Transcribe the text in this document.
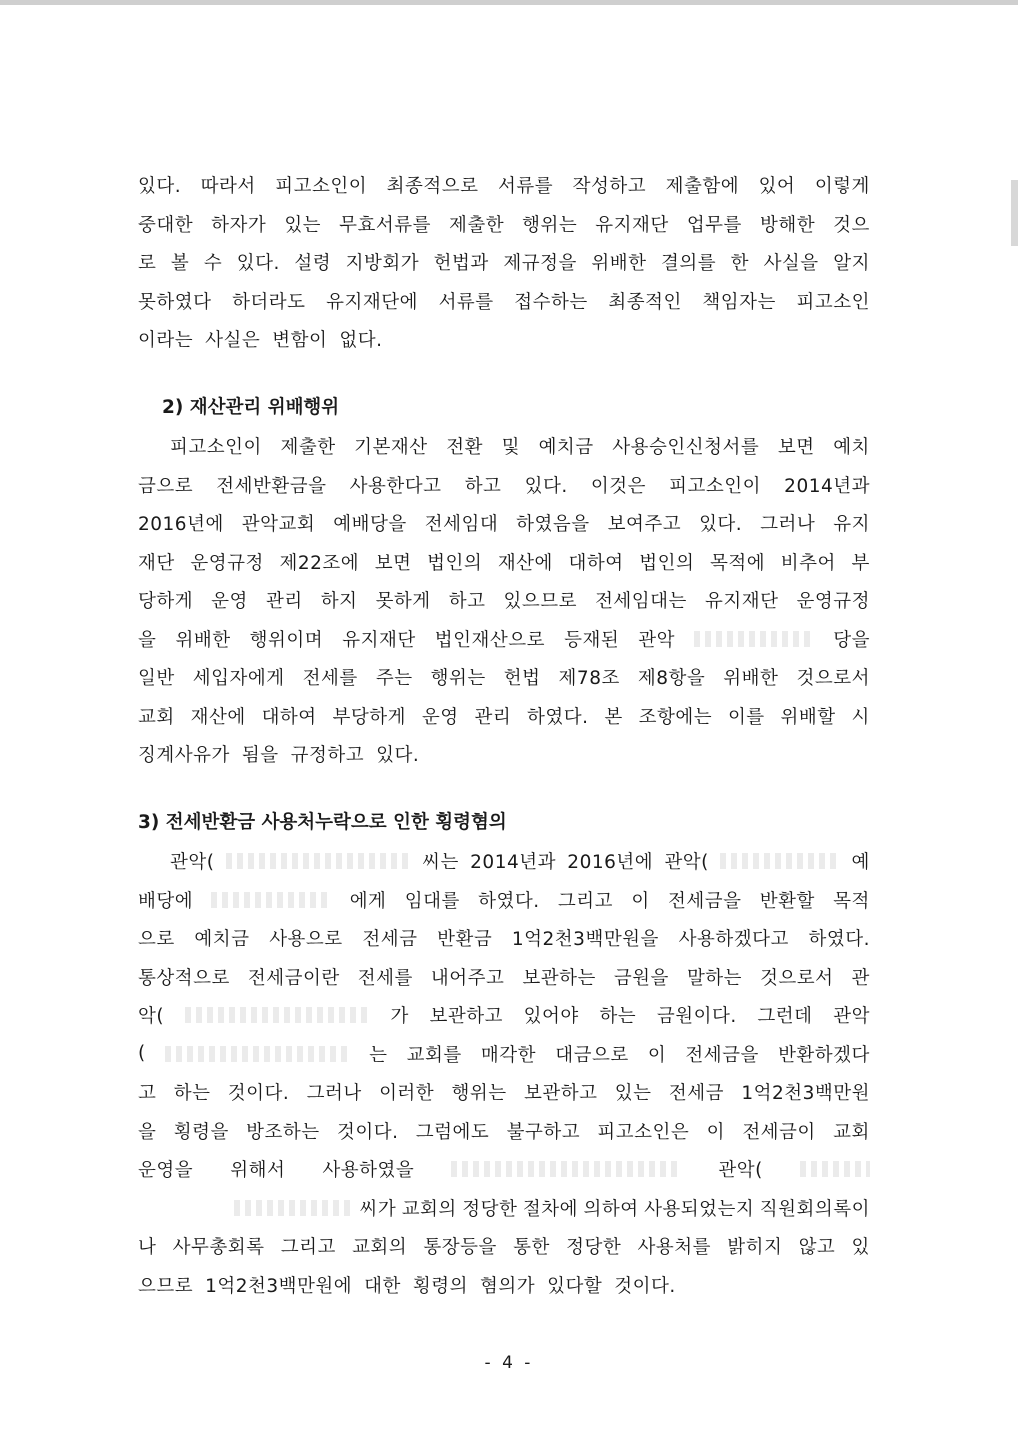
있다. 따라서 피고소인이 최종적으로 서류를 작성하고 제출함에 있어 이렇게
중대한 하자가 있는 무효서류를 제출한 행위는 유지재단 업무를 방해한 것으
로 볼 수 있다. 설령 지방회가 헌법과 제규정을 위배한 결의를 한 사실을 알지
못하였다 하더라도 유지재단에 서류를 접수하는 최종적인 책임자는 피고소인
이라는 사실은 변함이 없다.
2) 재산관리 위배행위
피고소인이 제출한 기본재산 전환 및 예치금 사용승인신청서를 보면 예치
금으로 전세반환금을 사용한다고 하고 있다. 이것은 피고소인이 2014년과
2016년에 관악교회 예배당을 전세임대 하였음을 보여주고 있다. 그러나 유지
재단 운영규정 제22조에 보면 법인의 재산에 대하여 법인의 목적에 비추어 부
당하게 운영 관리 하지 못하게 하고 있으므로 전세임대는 유지재단 운영규정
을 위배한 행위이며 유지재단 법인재산으로 등재된 관악	당을
일반 세입자에게 전세를 주는 행위는 헌법 제78조 제8항을 위배한 것으로서
교회 재산에 대하여 부당하게 운영 관리 하였다. 본 조항에는 이를 위배할 시
징계사유가 됨을 규정하고 있다.
3) 전세반환금 사용처누락으로 인한 횡령혐의
관악(	씨는 2014년과 2016년에 관악(	예
배당에	에게 임대를 하였다. 그리고 이 전세금을 반환할 목적
으로 예치금 사용으로 전세금 반환금 1억2천3백만원을 사용하겠다고 하였다.
통상적으로 전세금이란 전세를 내어주고 보관하는 금원을 말하는 것으로서 관
악(	가 보관하고 있어야 하는 금원이다. 그런데 관악
(	는 교회를 매각한 대금으로 이 전세금을 반환하겠다
고 하는 것이다. 그러나 이러한 행위는 보관하고 있는 전세금 1억2천3백만원
을 횡령을 방조하는 것이다. 그럼에도 불구하고 피고소인은 이 전세금이 교회
운영을 위해서 사용하였을	관악(
씨가 교회의 정당한 절차에 의하여 사용되었는지 직원회의록이
나 사무총회록 그리고 교회의 통장등을 통한 정당한 사용처를 밝히지 않고 있
으므로 1억2천3백만원에 대한 횡령의 혐의가 있다할 것이다.
- 4 -
